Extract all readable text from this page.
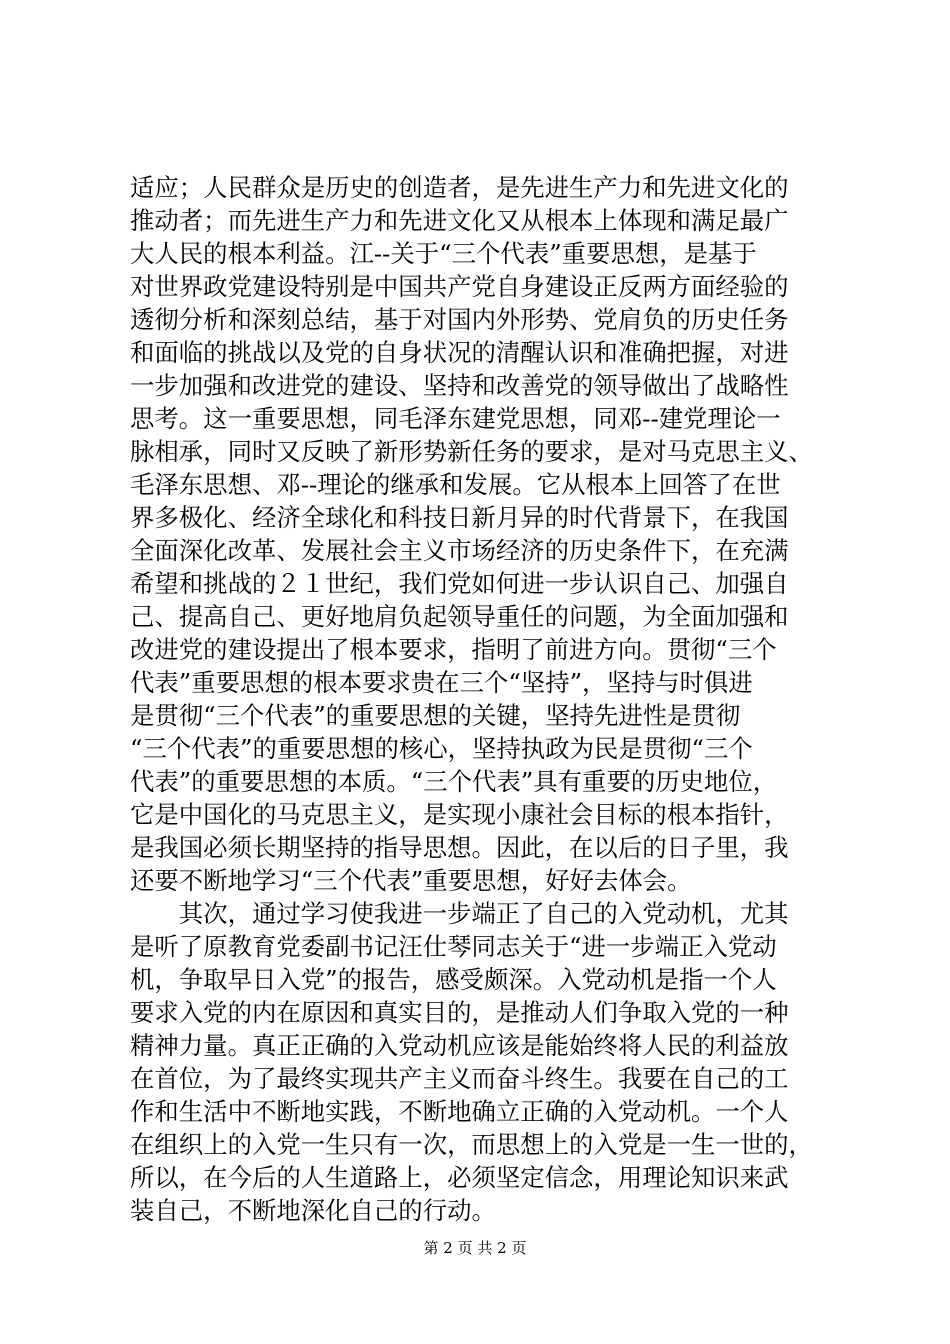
适应；人民群众是历史的创造者，是先进生产力和先进文化的
推动者；而先进生产力和先进文化又从根本上体现和满足最广
大人民的根本利益。江--关于“三个代表”重要思想，是基于
对世界政党建设特别是中国共产党自身建设正反两方面经验的
透彻分析和深刻总结，基于对国内外形势、党肩负的历史任务
和面临的挑战以及党的自身状况的清醒认识和准确把握，对进
一步加强和改进党的建设、坚持和改善党的领导做出了战略性
思考。这一重要思想，同毛泽东建党思想，同邓--建党理论一
脉相承，同时又反映了新形势新任务的要求，是对马克思主义、
毛泽东思想、邓--理论的继承和发展。它从根本上回答了在世
界多极化、经济全球化和科技日新月异的时代背景下，在我国
全面深化改革、发展社会主义市场经济的历史条件下，在充满
希望和挑战的２１世纪，我们党如何进一步认识自己、加强自
己、提高自己、更好地肩负起领导重任的问题，为全面加强和
改进党的建设提出了根本要求，指明了前进方向。贯彻“三个
代表”重要思想的根本要求贵在三个“坚持”，坚持与时俱进
是贯彻“三个代表”的重要思想的关键，坚持先进性是贯彻
“三个代表”的重要思想的核心，坚持执政为民是贯彻“三个
代表”的重要思想的本质。“三个代表”具有重要的历史地位，
它是中国化的马克思主义，是实现小康社会目标的根本指针，
是我国必须长期坚持的指导思想。因此，在以后的日子里，我
还要不断地学习“三个代表”重要思想，好好去体会。
　　其次，通过学习使我进一步端正了自己的入党动机，尤其
是听了原教育党委副书记汪仕琴同志关于“进一步端正入党动
机，争取早日入党”的报告，感受颇深。入党动机是指一个人
要求入党的内在原因和真实目的，是推动人们争取入党的一种
精神力量。真正正确的入党动机应该是能始终将人民的利益放
在首位，为了最终实现共产主义而奋斗终生。我要在自己的工
作和生活中不断地实践，不断地确立正确的入党动机。一个人
在组织上的入党一生只有一次，而思想上的入党是一生一世的，
所以，在今后的人生道路上，必须坚定信念，用理论知识来武
装自己，不断地深化自己的行动。
第 2 页 共 2 页
